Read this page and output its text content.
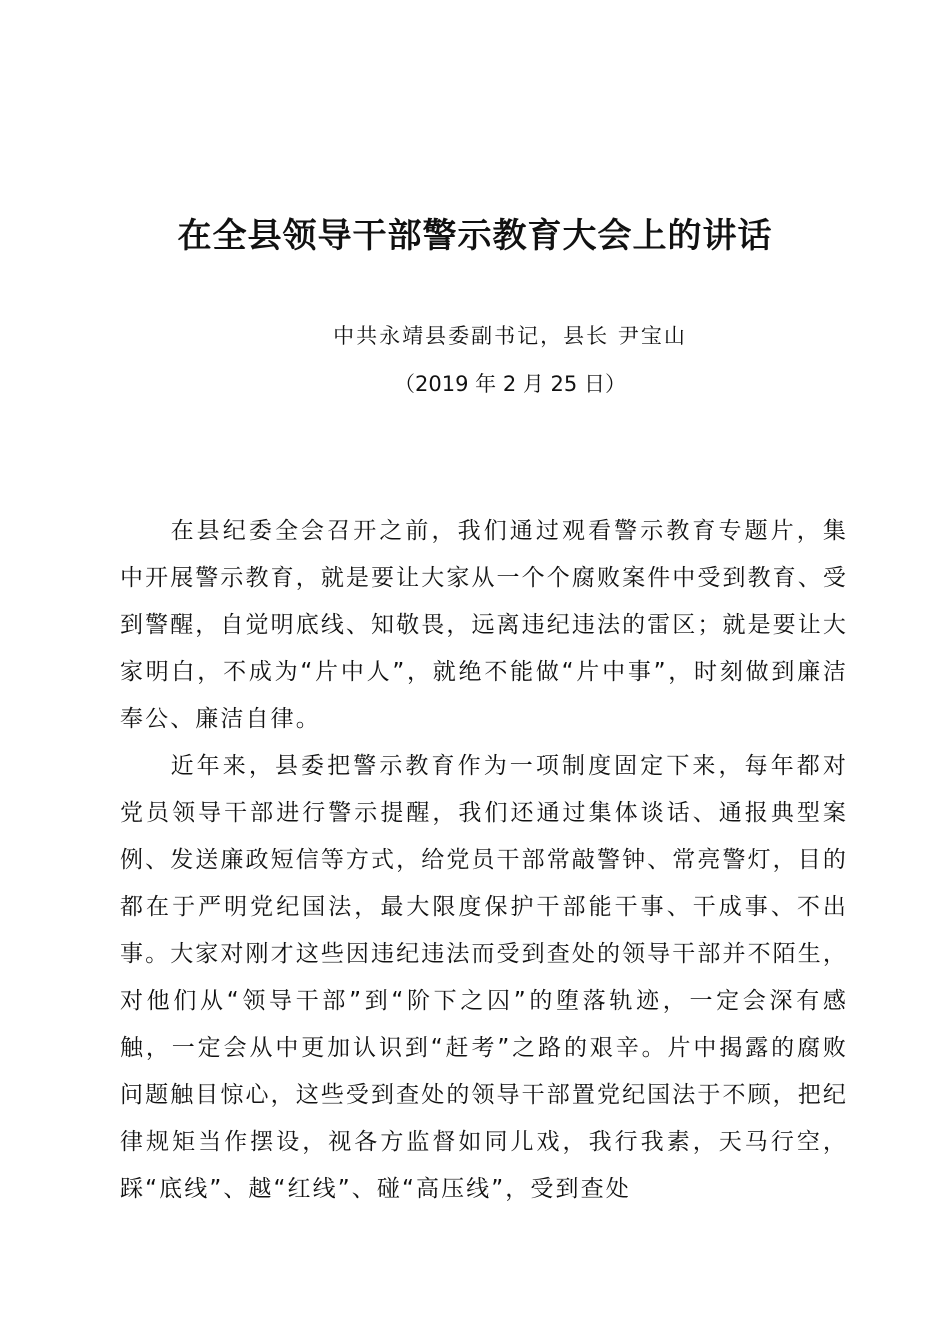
在全县领导干部警示教育大会上的讲话
中共永靖县委副书记，县长 尹宝山
（2019 年 2 月 25 日）

在县纪委全会召开之前，我们通过观看警示教育专题片，集中开展警示教育，就是要让大家从一个个腐败案件中受到教育、受到警醒，自觉明底线、知敬畏，远离违纪违法的雷区；就是要让大家明白，不成为“片中人”，就绝不能做“片中事”，时刻做到廉洁奉公、廉洁自律。

近年来，县委把警示教育作为一项制度固定下来，每年都对党员领导干部进行警示提醒，我们还通过集体谈话、通报典型案例、发送廉政短信等方式，给党员干部常敲警钟、常亮警灯，目的都在于严明党纪国法，最大限度保护干部能干事、干成事、不出事。大家对刚才这些因违纪违法而受到查处的领导干部并不陌生，对他们从“领导干部”到“阶下之囚”的堕落轨迹，一定会深有感触，一定会从中更加认识到“赶考”之路的艰辛。片中揭露的腐败问题触目惊心，这些受到查处的领导干部置党纪国法于不顾，把纪律规矩当作摆设，视各方监督如同儿戏，我行我素，天马行空，踩“底线”、越“红线”、碰“高压线”，受到查处
